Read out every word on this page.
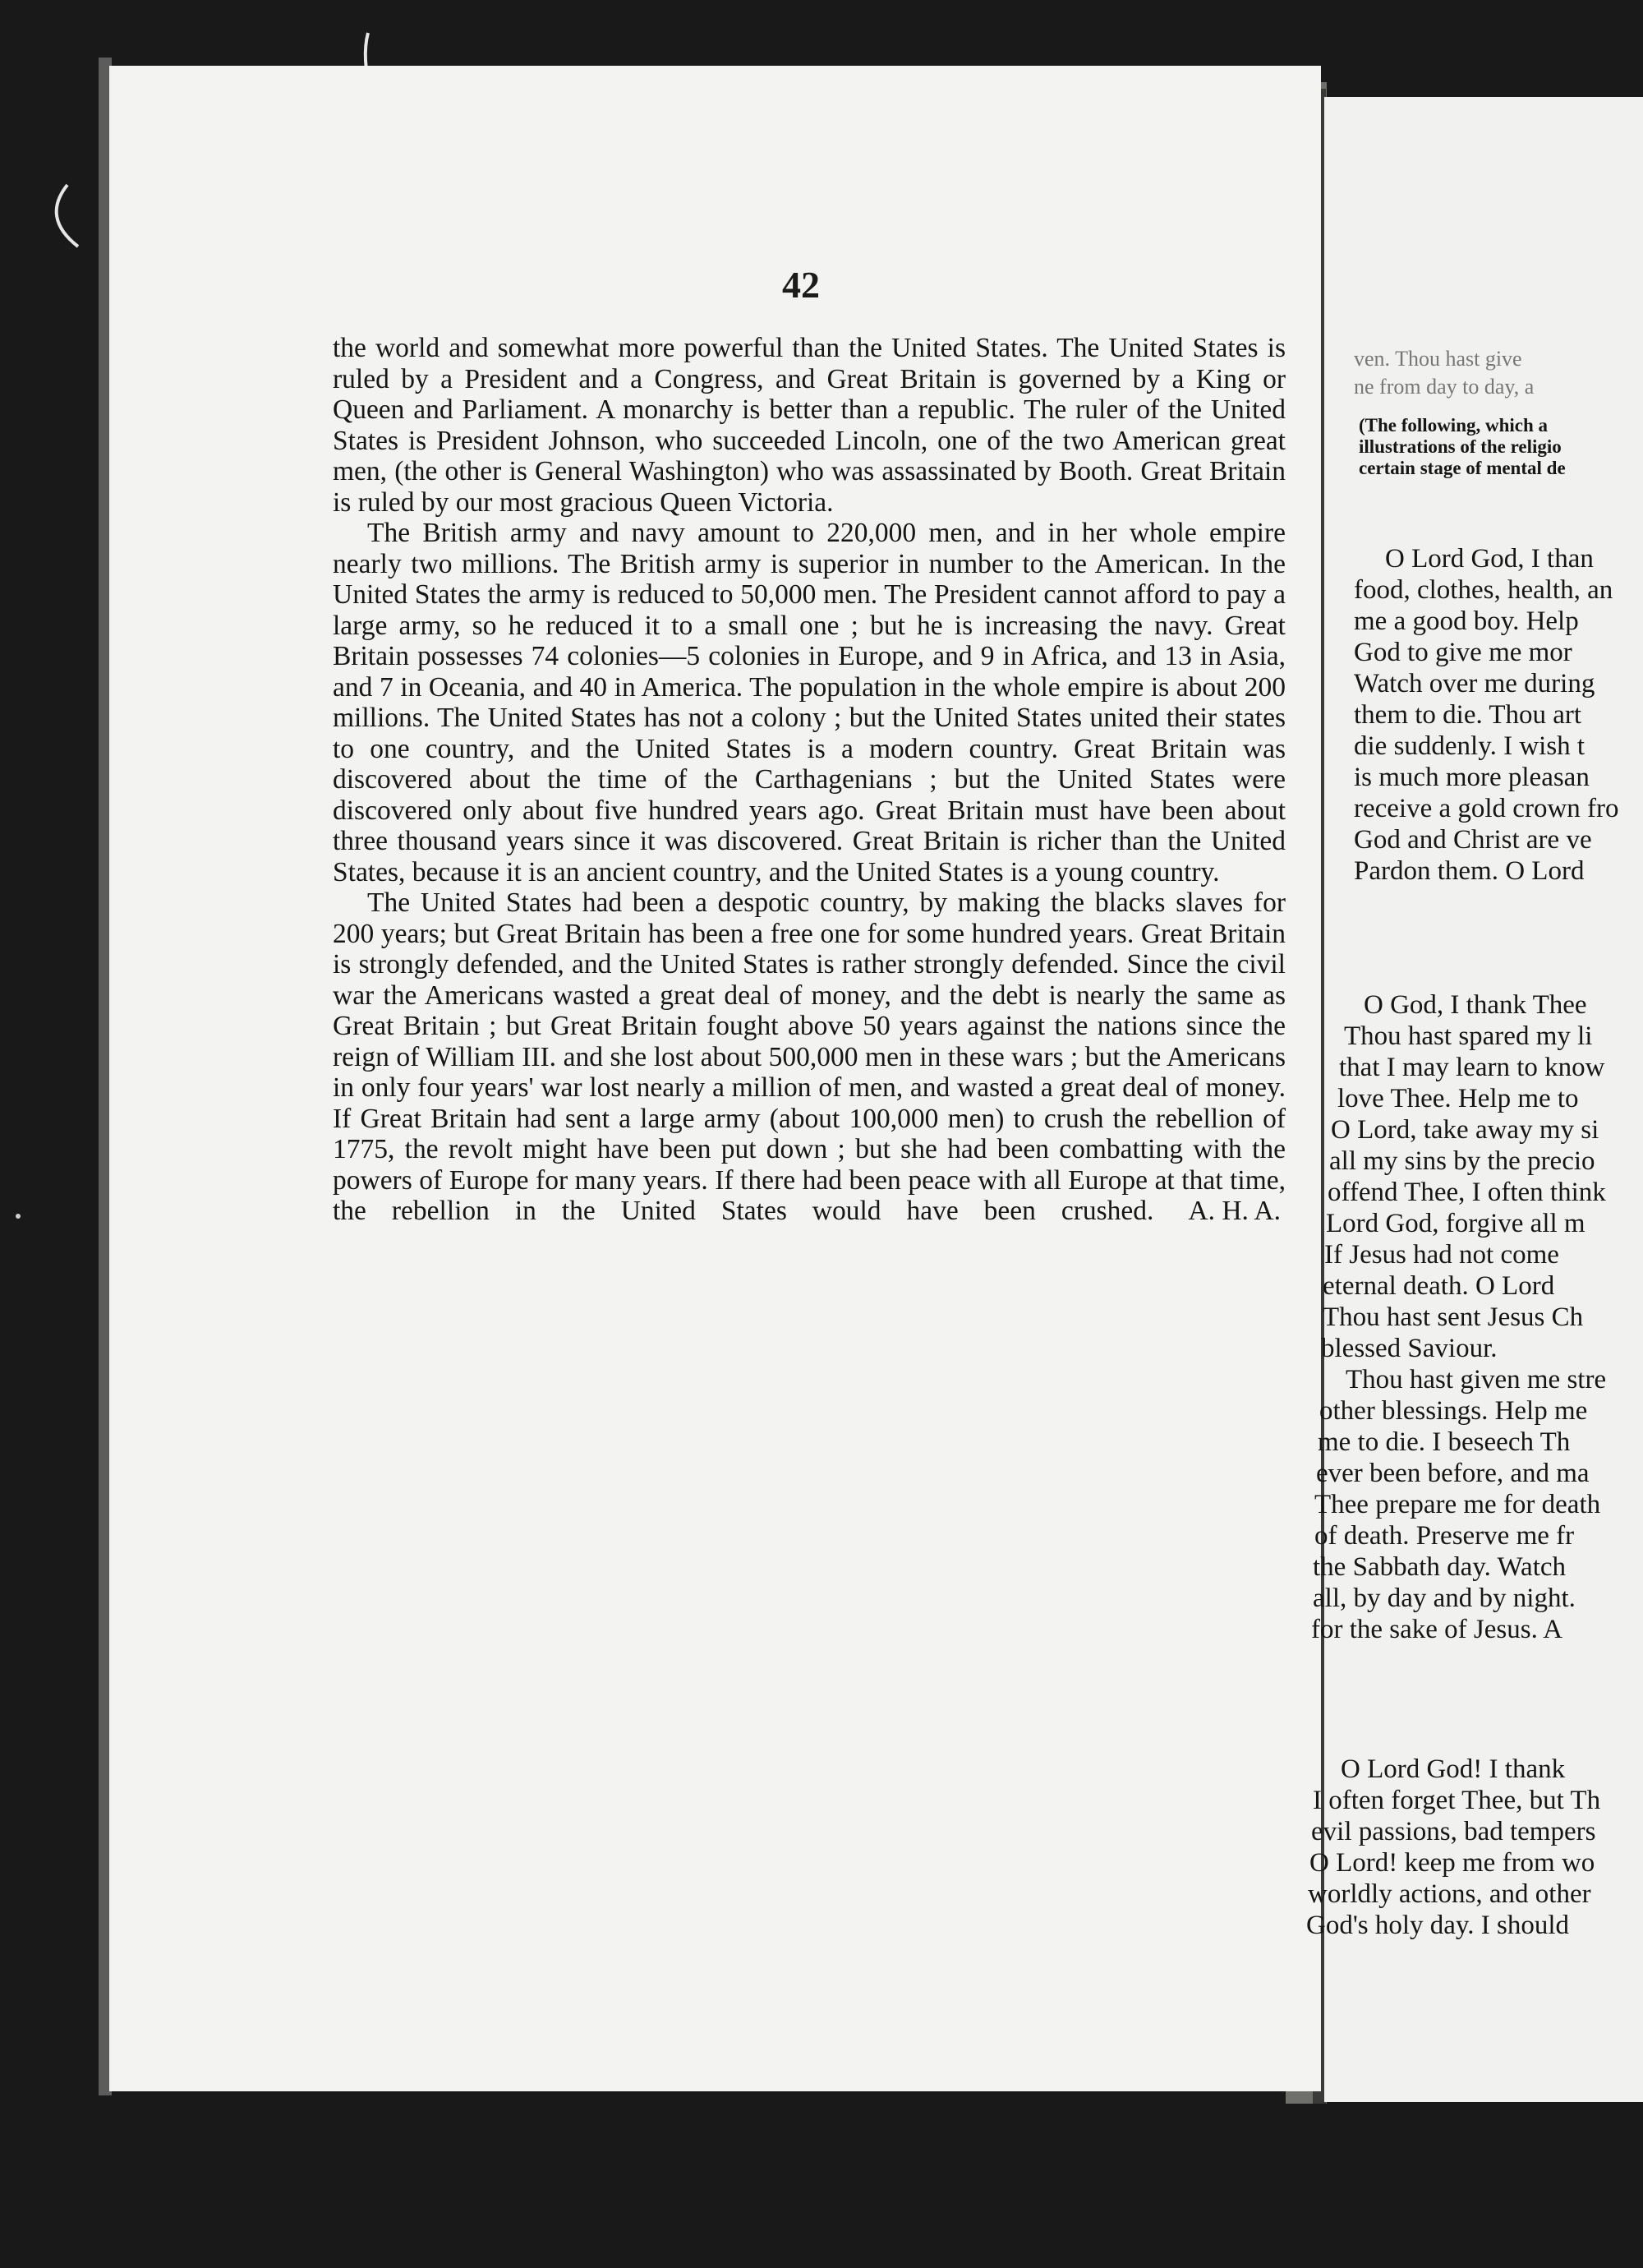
42

the world and somewhat more powerful than the United States. The United States is ruled by a President and a Congress, and Great Britain is governed by a King or Queen and Parliament. A monarchy is better than a republic. The ruler of the United States is President Johnson, who succeeded Lincoln, one of the two American great men, (the other is General Washington) who was assassinated by Booth. Great Britain is ruled by our most gracious Queen Victoria.

The British army and navy amount to 220,000 men, and in her whole empire nearly two millions. The British army is superior in number to the American. In the United States the army is reduced to 50,000 men. The President cannot afford to pay a large army, so he reduced it to a small one ; but he is increasing the navy. Great Britain possesses 74 colonies—5 colonies in Europe, and 9 in Africa, and 13 in Asia, and 7 in Oceania, and 40 in America. The population in the whole empire is about 200 millions. The United States has not a colony ; but the United States united their states to one country, and the United States is a modern country. Great Britain was discovered about the time of the Carthagenians ; but the United States were discovered only about five hundred years ago. Great Britain must have been about three thousand years since it was discovered. Great Britain is richer than the United States, because it is an ancient country, and the United States is a young country.

The United States had been a despotic country, by making the blacks slaves for 200 years; but Great Britain has been a free one for some hundred years. Great Britain is strongly defended, and the United States is rather strongly defended. Since the civil war the Americans wasted a great deal of money, and the debt is nearly the same as Great Britain ; but Great Britain fought above 50 years against the nations since the reign of William III. and she lost about 500,000 men in these wars ; but the Americans in only four years' war lost nearly a million of men, and wasted a great deal of money. If Great Britain had sent a large army (about 100,000 men) to crush the rebellion of 1775, the revolt might have been put down ; but she had been combatting with the powers of Europe for many years. If there had been peace with all Europe at that time, the rebellion in the United States would have been crushed.	A. H. A.

ven. Thou hast give
ne from day to day, a
(The following, which a
illustrations of the religio
certain stage of mental de
O Lord God, I than
food, clothes, health, an
me a good boy. Help
God to give me mor
Watch over me during
them to die. Thou art
die suddenly. I wish t
is much more pleasan
receive a gold crown fro
God and Christ are ve
Pardon them. O Lord
O God, I thank Thee
Thou hast spared my li
that I may learn to know
love Thee. Help me to
O Lord, take away my si
all my sins by the precio
offend Thee, I often think
Lord God, forgive all m
If Jesus had not come
eternal death. O Lord
Thou hast sent Jesus Ch
blessed Saviour.
Thou hast given me stre
other blessings. Help me
me to die. I beseech Th
ever been before, and ma
Thee prepare me for death
of death. Preserve me fr
the Sabbath day. Watch
all, by day and by night.
for the sake of Jesus. A
O Lord God! I thank
I often forget Thee, but Th
evil passions, bad tempers
O Lord! keep me from wo
worldly actions, and other
God's holy day. I should
